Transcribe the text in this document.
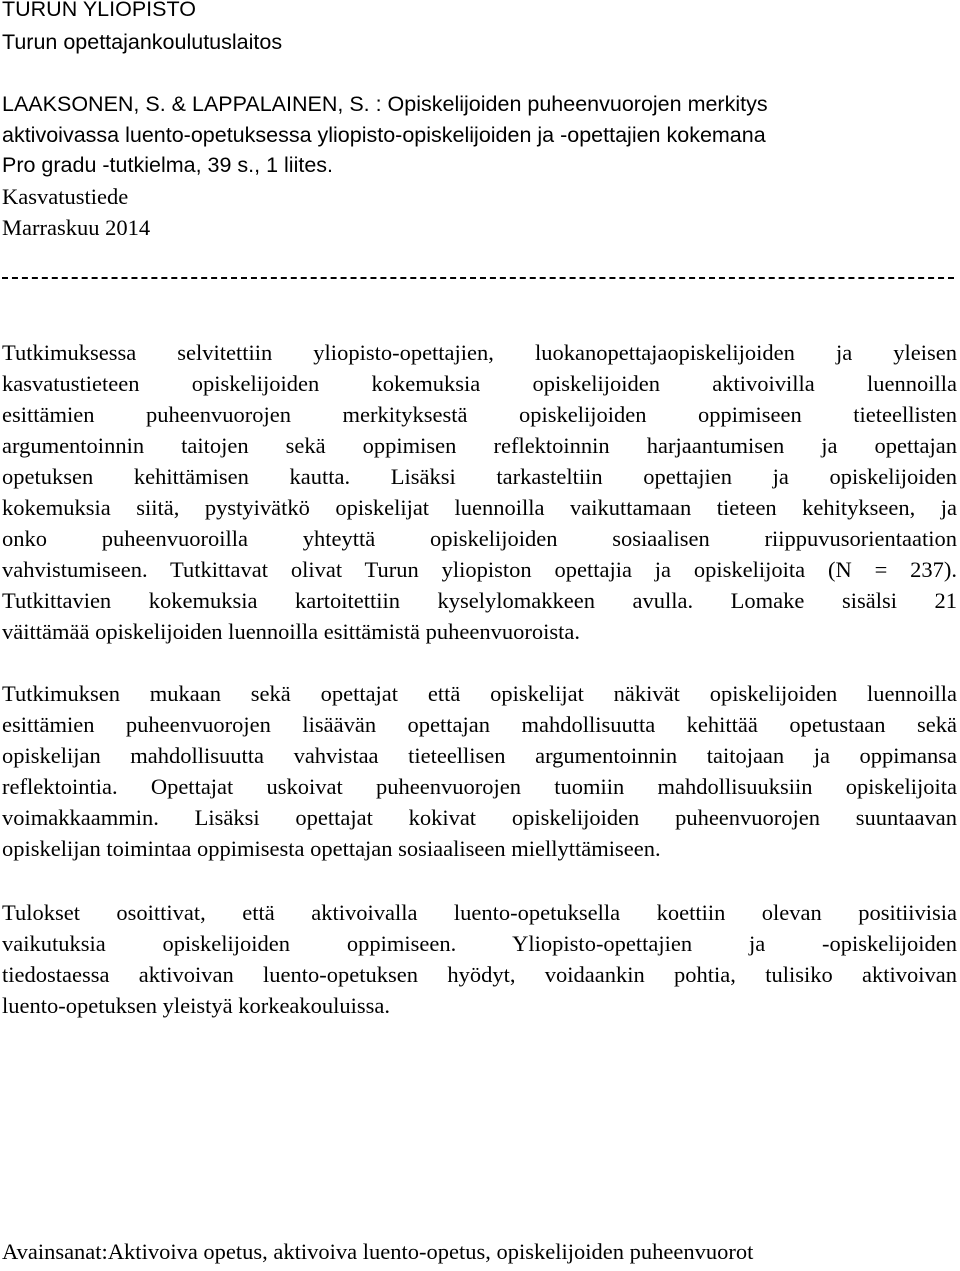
TURUN YLIOPISTO
Turun opettajankoulutuslaitos
LAAKSONEN, S. & LAPPALAINEN, S. : Opiskelijoiden puheenvuorojen merkitys
aktivoivassa luento-opetuksessa yliopisto-opiskelijoiden ja -opettajien kokemana
Pro gradu -tutkielma, 39 s., 1 liites.
Kasvatustiede
Marraskuu 2014
Tutkimuksessa selvitettiin yliopisto-opettajien, luokanopettajaopiskelijoiden ja yleisen
kasvatustieteen opiskelijoiden kokemuksia opiskelijoiden aktivoivilla luennoilla
esittämien puheenvuorojen merkityksestä opiskelijoiden oppimiseen tieteellisten
argumentoinnin taitojen sekä oppimisen reflektoinnin harjaantumisen ja opettajan
opetuksen kehittämisen kautta. Lisäksi tarkasteltiin opettajien ja opiskelijoiden
kokemuksia siitä, pystyivätkö opiskelijat luennoilla vaikuttamaan tieteen kehitykseen, ja
onko puheenvuoroilla yhteyttä opiskelijoiden sosiaalisen riippuvusorientaation
vahvistumiseen. Tutkittavat olivat Turun yliopiston opettajia ja opiskelijoita (N = 237).
Tutkittavien kokemuksia kartoitettiin kyselylomakkeen avulla. Lomake sisälsi 21
väittämää opiskelijoiden luennoilla esittämistä puheenvuoroista.
Tutkimuksen mukaan sekä opettajat että opiskelijat näkivät opiskelijoiden luennoilla
esittämien puheenvuorojen lisäävän opettajan mahdollisuutta kehittää opetustaan sekä
opiskelijan mahdollisuutta vahvistaa tieteellisen argumentoinnin taitojaan ja oppimansa
reflektointia. Opettajat uskoivat puheenvuorojen tuomiin mahdollisuuksiin opiskelijoita
voimakkaammin. Lisäksi opettajat kokivat opiskelijoiden puheenvuorojen suuntaavan
opiskelijan toimintaa oppimisesta opettajan sosiaaliseen miellyttämiseen.
Tulokset osoittivat, että aktivoivalla luento-opetuksella koettiin olevan positiivisia
vaikutuksia opiskelijoiden oppimiseen. Yliopisto-opettajien ja -opiskelijoiden
tiedostaessa aktivoivan luento-opetuksen hyödyt, voidaankin pohtia, tulisiko aktivoivan
luento-opetuksen yleistyä korkeakouluissa.
Avainsanat:Aktivoiva opetus, aktivoiva luento-opetus, opiskelijoiden puheenvuorot
